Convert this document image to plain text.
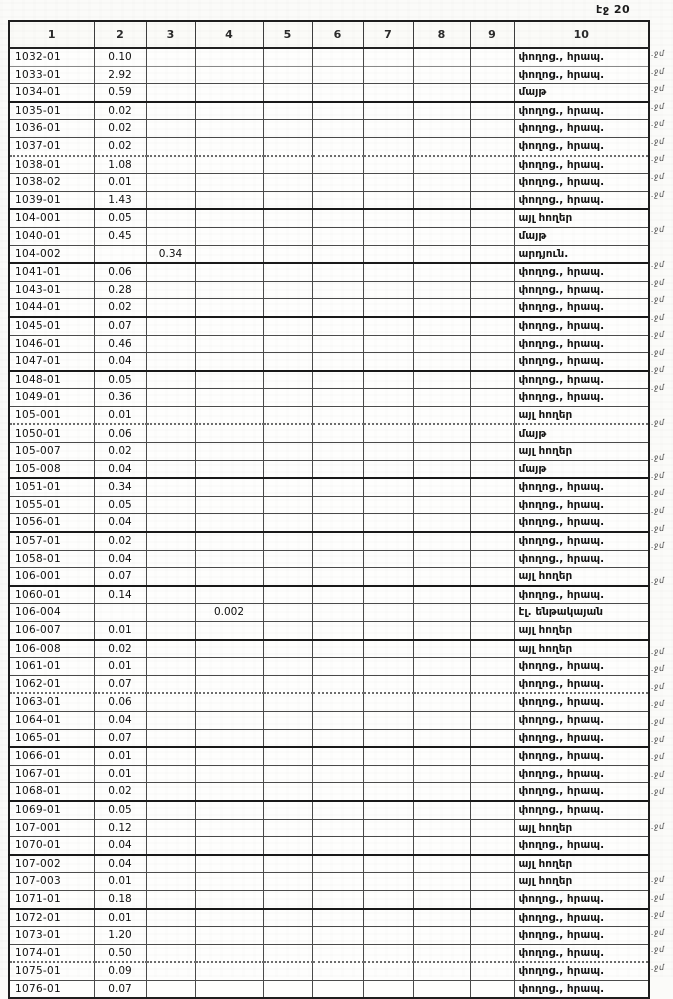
էջ 20
1	2	3	4	5	6	7	8	9	10
1032-01	0.10								փողոց., հրապ.
1033-01	2.92								փողոց., հրապ.
1034-01	0.59								մայթ
1035-01	0.02								փողոց., հրապ.
1036-01	0.02								փողոց., հրապ.
1037-01	0.02								փողոց., հրապ.
1038-01	1.08								փողոց., հրապ.
1038-02	0.01								փողոց., հրապ.
1039-01	1.43								փողոց., հրապ.
104-001	0.05								այլ հողեր
1040-01	0.45								մայթ
104-002		0.34							արդյուն.
1041-01	0.06								փողոց., հրապ.
1043-01	0.28								փողոց., հրապ.
1044-01	0.02								փողոց., հրապ.
1045-01	0.07								փողոց., հրապ.
1046-01	0.46								փողոց., հրապ.
1047-01	0.04								փողոց., հրապ.
1048-01	0.05								փողոց., հրապ.
1049-01	0.36								փողոց., հրապ.
105-001	0.01								այլ հողեր
1050-01	0.06								մայթ
105-007	0.02								այլ հողեր
105-008	0.04								մայթ
1051-01	0.34								փողոց., հրապ.
1055-01	0.05								փողոց., հրապ.
1056-01	0.04								փողոց., հրապ.
1057-01	0.02								փողոց., հրապ.
1058-01	0.04								փողոց., հրապ.
106-001	0.07								այլ հողեր
1060-01	0.14								փողոց., հրապ.
106-004			0.002						էլ. ենթակայան
106-007	0.01								այլ հողեր
106-008	0.02								այլ հողեր
1061-01	0.01								փողոց., հրապ.
1062-01	0.07								փողոց., հրապ.
1063-01	0.06								փողոց., հրապ.
1064-01	0.04								փողոց., հրապ.
1065-01	0.07								փողոց., հրապ.
1066-01	0.01								փողոց., հրապ.
1067-01	0.01								փողոց., հրապ.
1068-01	0.02								փողոց., հրապ.
1069-01	0.05								փողոց., հրապ.
107-001	0.12								այլ հողեր
1070-01	0.04								փողոց., հրապ.
107-002	0.04								այլ հողեր
107-003	0.01								այլ հողեր
1071-01	0.18								փողոց., հրապ.
1072-01	0.01								փողոց., հրապ.
1073-01	1.20								փողոց., հրապ.
1074-01	0.50								փողոց., հրապ.
1075-01	0.09								փողոց., հրապ.
1076-01	0.07								փողոց., հրապ.
.ջմ
.ջմ
.ջմ
.ջմ
.ջմ
.ջմ
.ջմ
.ջմ
.ջմ
.ջմ
.ջմ
.ջմ
.ջմ
.ջմ
.ջմ
.ջմ
.ջմ
.ջմ
.ջմ
.ջմ
.ջմ
.ջմ
.ջմ
.ջմ
.ջմ
.ջմ
.ջմ
.ջմ
.ջմ
.ջմ
.ջմ
.ջմ
.ջմ
.ջմ
.ջմ
.ջմ
.ջմ
.ջմ
.ջմ
.ջմ
.ջմ
.ջմ
